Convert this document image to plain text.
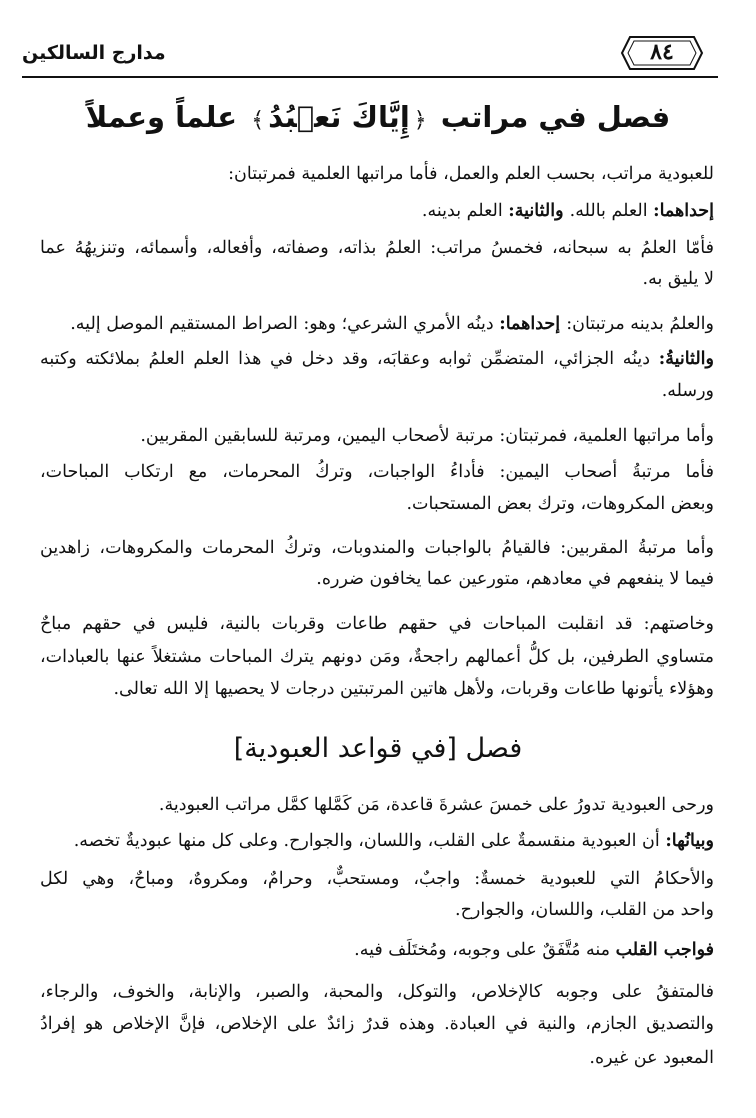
مدارج السالكين	٨٤
فصل في مراتب ﴿إِيَّاكَ نَعۡبُدُ﴾ علماً وعملاً
للعبودية مراتب، بحسب العلم والعمل، فأما مراتبها العلمية فمرتبتان:
إحداهما: العلم بالله. والثانية: العلم بدينه.
فأمّا العلمُ به سبحانه، فخمسُ مراتب: العلمُ بذاته، وصفاته، وأفعاله، وأسمائه، وتنزيهُهُ عما
لا يليق به.
والعلمُ بدينه مرتبتان: إحداهما: دينُه الأمري الشرعي؛ وهو: الصراط المستقيم الموصل إليه.
والثانيةُ: دينُه الجزائي، المتضمِّن ثوابه وعقابَه، وقد دخل في هذا العلم العلمُ بملائكته وكتبه
ورسله.
وأما مراتبها العلمية، فمرتبتان: مرتبة لأصحاب اليمين، ومرتبة للسابقين المقربين.
فأما مرتبةُ أصحاب اليمين: فأداءُ الواجبات، وتركُ المحرمات، مع ارتكاب المباحات،
وبعض المكروهات، وترك بعض المستحبات.
وأما مرتبةُ المقربين: فالقيامُ بالواجبات والمندوبات، وتركُ المحرمات والمكروهات، زاهدين
فيما لا ينفعهم في معادهم، متورعين عما يخافون ضرره.
وخاصتهم: قد انقلبت المباحات في حقهم طاعات وقربات بالنية، فليس في حقهم مباحٌ
متساوي الطرفين، بل كلُّ أعمالهم راجحةٌ، ومَن دونهم يترك المباحات مشتغلاً عنها بالعبادات،
وهؤلاء يأتونها طاعات وقربات، ولأهل هاتين المرتبتين درجات لا يحصيها إلا الله تعالى.
فصل [في قواعد العبودية]
ورحى العبودية تدورُ على خمسَ عشرةَ قاعدة، مَن كَمَّلها كمَّل مراتب العبودية.
وبيانُها: أن العبودية منقسمةٌ على القلب، واللسان، والجوارح. وعلى كل منها عبوديةٌ تخصه.
والأحكامُ التي للعبودية خمسةٌ: واجبٌ، ومستحبٌّ، وحرامٌ، ومكروهٌ، ومباحٌ، وهي لكل
واحد من القلب، واللسان، والجوارح.
فواجب القلب منه مُتَّفَقٌ على وجوبه، ومُختَلَف فيه.
فالمتفقُ على وجوبه كالإخلاص، والتوكل، والمحبة، والصبر، والإنابة، والخوف، والرجاء،
والتصديق الجازم، والنية في العبادة. وهذه قدرٌ زائدٌ على الإخلاص، فإنَّ الإخلاص هو إفرادُ
المعبود عن غيره.
